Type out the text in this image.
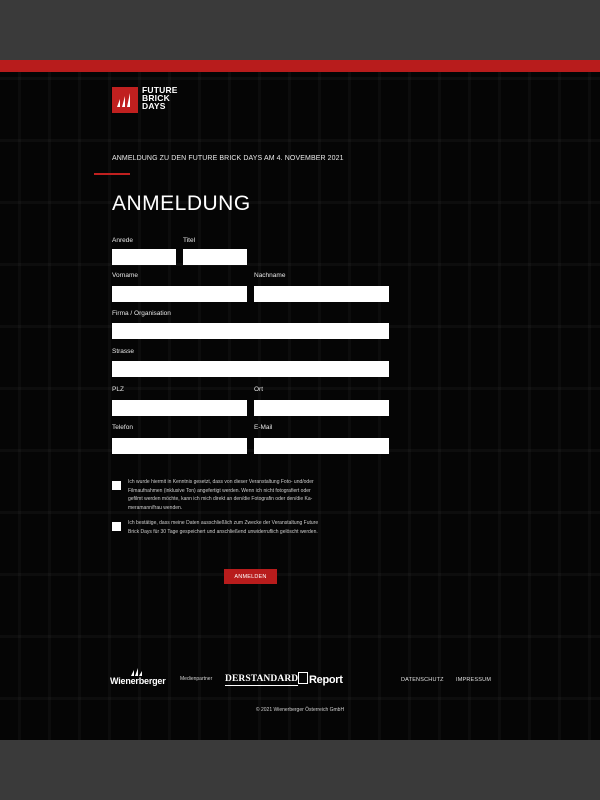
FUTURE
BRICK
DAYS
ANMELDUNG ZU DEN FUTURE BRICK DAYS AM 4. NOVEMBER 2021
ANMELDUNG
Anrede	Titel
Vorname	Nachname
Firma / Organisation
Strasse
PLZ	Ort
Telefon	E-Mail
Ich wurde hiermit in Kenntnis gesetzt, dass von dieser Veranstaltung Foto- und/oder
Filmaufnahmen (inklusive Ton) angefertigt werden. Wenn ich nicht fotografiert oder
gefilmt werden möchte, kann ich mich direkt an den/die Fotografin oder den/die Ka-
meramann/frau wenden.
Ich bestätige, dass meine Daten ausschließlich zum Zwecke der Veranstaltung Future
Brick Days für 30 Tage gespeichert und anschließend unwiderruflich gelöscht werden.
ANMELDEN
Wienerberger	Medienpartner DERSTANDARD Report	DATENSCHUTZ IMPRESSUM
© 2021 Wienerberger Österreich GmbH
